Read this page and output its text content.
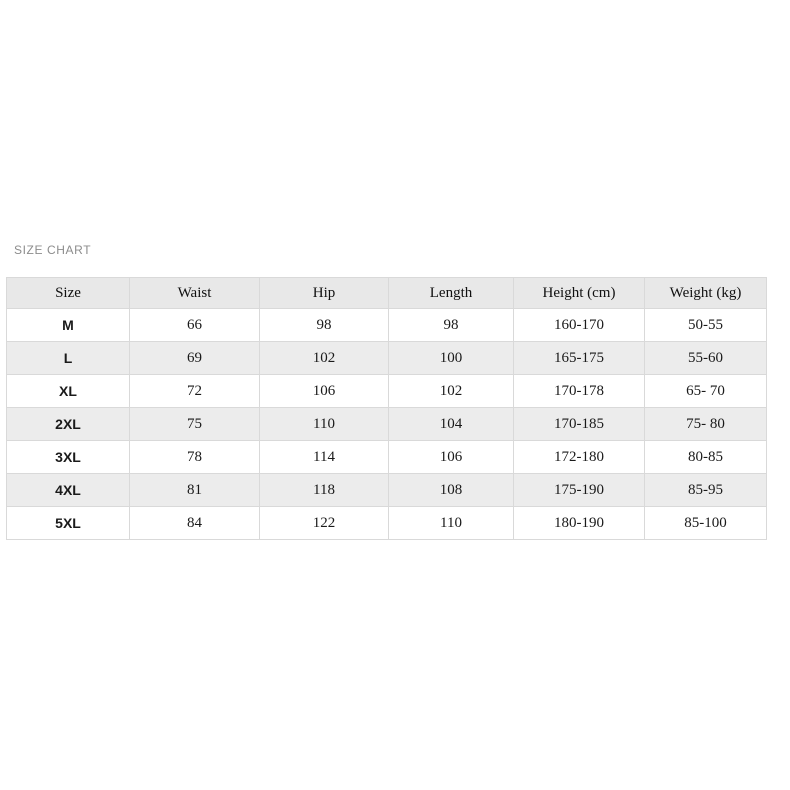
SIZE CHART
Size	Waist	Hip	Length	Height (cm)	Weight (kg)
M	66	98	98	160-170	50-55
L	69	102	100	165-175	55-60
XL	72	106	102	170-178	65- 70
2XL	75	110	104	170-185	75- 80
3XL	78	114	106	172-180	80-85
4XL	81	118	108	175-190	85-95
5XL	84	122	110	180-190	85-100
